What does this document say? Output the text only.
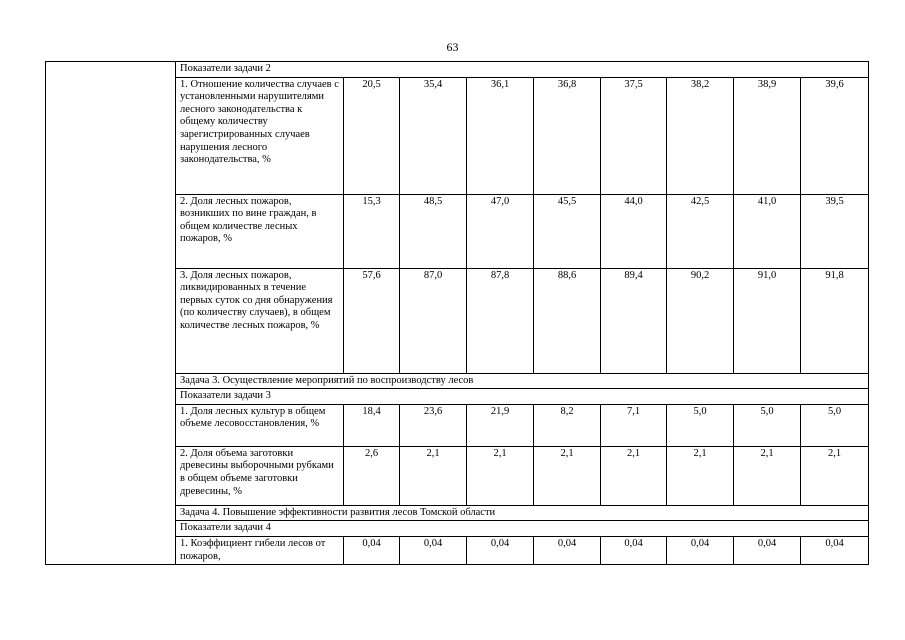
63
	Показатели задачи 2								
	1. Отношение количества случаев с установленными нарушителями лесного законодательства к общему количеству зарегистрированных случаев нарушения лесного законодательства, %	20,5	35,4	36,1	36,8	37,5	38,2	38,9	39,6
	2. Доля лесных пожаров, возникших по вине граждан, в общем количестве лесных пожаров, %	15,3	48,5	47,0	45,5	44,0	42,5	41,0	39,5
	3. Доля лесных пожаров, ликвидированных в течение первых суток со дня обнаружения (по количеству случаев), в общем количестве лесных пожаров, %	57,6	87,0	87,8	88,6	89,4	90,2	91,0	91,8
	Задача 3. Осуществление мероприятий по воспроизводству лесов								
	Показатели задачи 3								
	1. Доля лесных культур в общем объеме лесовосстановления, %	18,4	23,6	21,9	8,2	7,1	5,0	5,0	5,0
	2. Доля объема заготовки древесины выборочными рубками в общем объеме заготовки древесины, %	2,6	2,1	2,1	2,1	2,1	2,1	2,1	2,1
	Задача 4. Повышение эффективности развития лесов Томской области								
	Показатели задачи 4								
	1. Коэффициент гибели лесов от пожаров,	0,04	0,04	0,04	0,04	0,04	0,04	0,04	0,04
